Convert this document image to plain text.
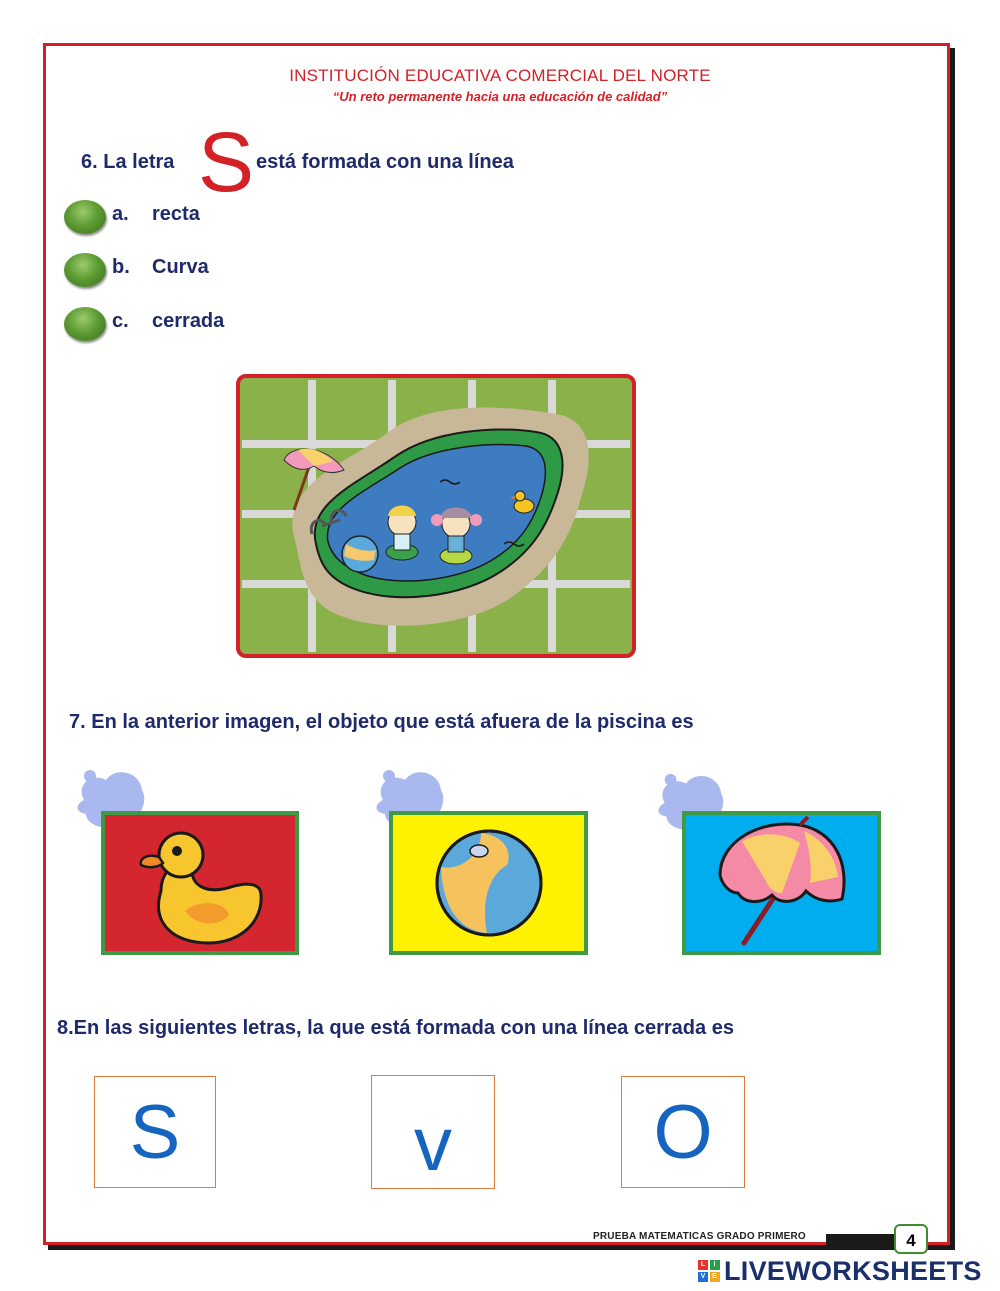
INSTITUCIÓN EDUCATIVA COMERCIAL DEL NORTE
“Un reto permanente hacia una educación de calidad”
6. La letra S está formada con una línea
a. recta
b. Curva
c. cerrada
7. En la anterior imagen, el objeto que está afuera de la piscina es
8.En las siguientes letras, la que está formada con una línea cerrada es
S	v	O
PRUEBA MATEMATICAS GRADO PRIMERO	4
L	I
V E LIVEWORKSHEETS
